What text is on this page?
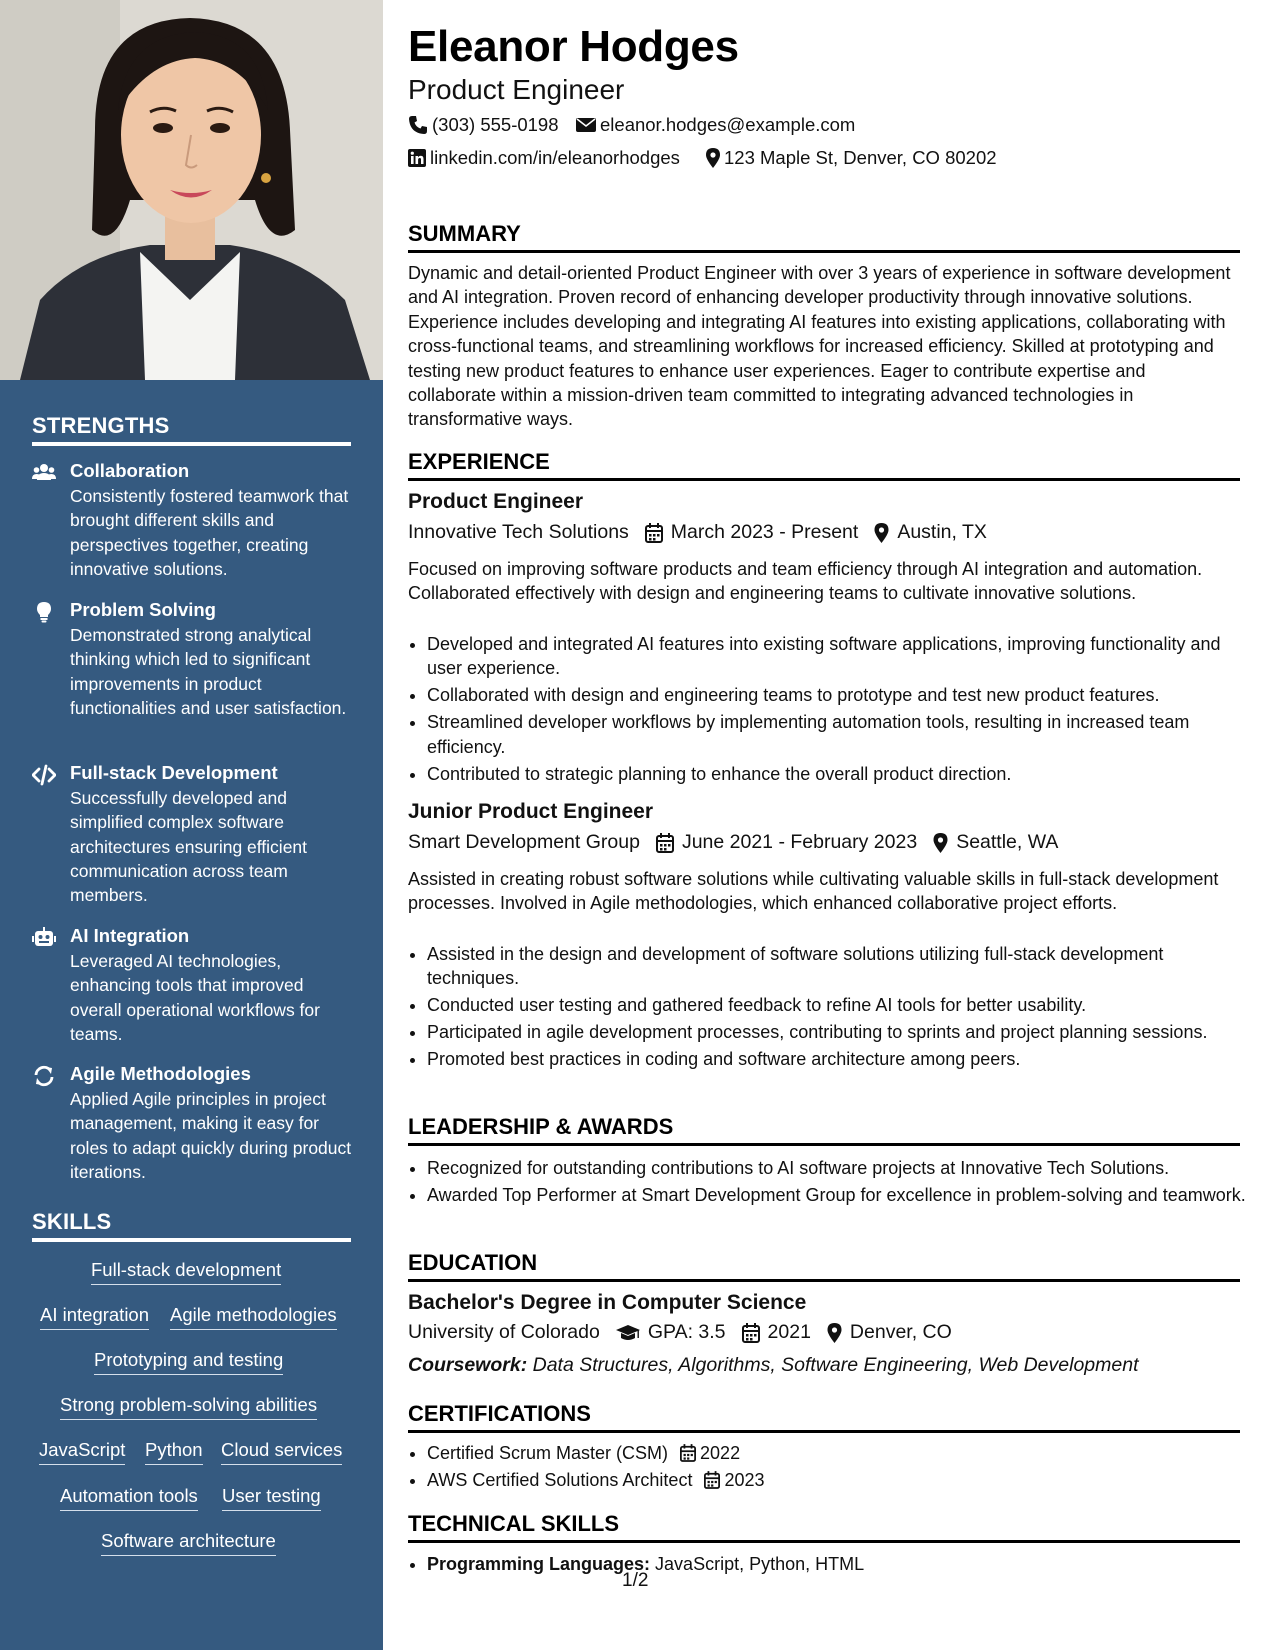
STRENGTHS
Collaboration
Consistently fostered teamwork that brought different skills and perspectives together, creating innovative solutions.
Problem Solving
Demonstrated strong analytical thinking which led to significant improvements in product functionalities and user satisfaction.
Full-stack Development
Successfully developed and simplified complex software architectures ensuring efficient communication across team members.
AI Integration
Leveraged AI technologies, enhancing tools that improved overall operational workflows for teams.
Agile Methodologies
Applied Agile principles in project management, making it easy for roles to adapt quickly during product iterations.
SKILLS
Full-stack development
AI integration Agile methodologies
Prototyping and testing
Strong problem-solving abilities
JavaScript Python Cloud services
Automation tools User testing
Software architecture
Eleanor Hodges
Product Engineer
(303) 555-0198 eleanor.hodges@example.com
linkedin.com/in/eleanorhodges 123 Maple St, Denver, CO 80202
SUMMARY
Dynamic and detail-oriented Product Engineer with over 3 years of experience in software development and AI integration. Proven record of enhancing developer productivity through innovative solutions. Experience includes developing and integrating AI features into existing applications, collaborating with cross-functional teams, and streamlining workflows for increased efficiency. Skilled at prototyping and testing new product features to enhance user experiences. Eager to contribute expertise and collaborate within a mission-driven team committed to integrating advanced technologies in transformative ways.
EXPERIENCE
Product Engineer
Innovative Tech Solutions March 2023 - Present Austin, TX
Focused on improving software products and team efficiency through AI integration and automation. Collaborated effectively with design and engineering teams to cultivate innovative solutions.
• Developed and integrated AI features into existing software applications, improving functionality and user experience.
• Collaborated with design and engineering teams to prototype and test new product features.
• Streamlined developer workflows by implementing automation tools, resulting in increased team efficiency.
• Contributed to strategic planning to enhance the overall product direction.
Junior Product Engineer
Smart Development Group June 2021 - February 2023 Seattle, WA
Assisted in creating robust software solutions while cultivating valuable skills in full-stack development processes. Involved in Agile methodologies, which enhanced collaborative project efforts.
• Assisted in the design and development of software solutions utilizing full-stack development techniques.
• Conducted user testing and gathered feedback to refine AI tools for better usability.
• Participated in agile development processes, contributing to sprints and project planning sessions.
• Promoted best practices in coding and software architecture among peers.
LEADERSHIP & AWARDS
• Recognized for outstanding contributions to AI software projects at Innovative Tech Solutions.
• Awarded Top Performer at Smart Development Group for excellence in problem-solving and teamwork.
EDUCATION
Bachelor's Degree in Computer Science
University of Colorado GPA: 3.5 2021 Denver, CO
Coursework: Data Structures, Algorithms, Software Engineering, Web Development
CERTIFICATIONS
• Certified Scrum Master (CSM) 2022
• AWS Certified Solutions Architect 2023
TECHNICAL SKILLS
• Programming Languages: JavaScript, Python, HTML
1/2
